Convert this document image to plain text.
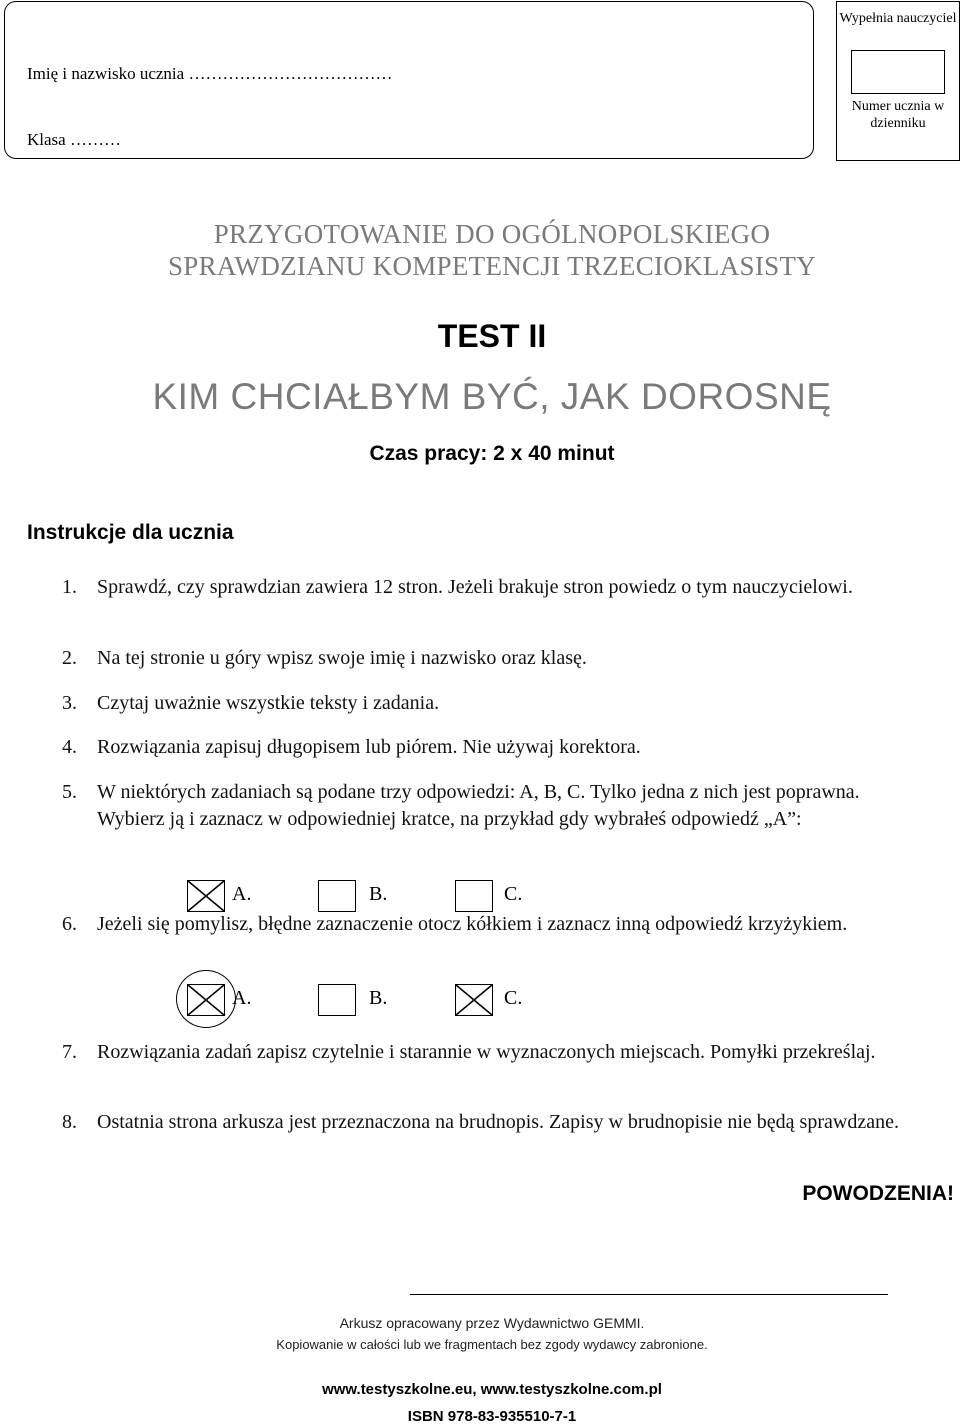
Imię i nazwisko ucznia ………………………………
Klasa ………
Wypełnia nauczyciel
Numer ucznia w dzienniku
PRZYGOTOWANIE DO OGÓLNOPOLSKIEGO SPRAWDZIANU KOMPETENCJI TRZECIOKLASISTY
TEST II
KIM CHCIAŁBYM BYĆ, JAK DOROSNĘ
Czas pracy: 2 x 40 minut
Instrukcje dla ucznia
1. Sprawdź, czy sprawdzian zawiera 12 stron. Jeżeli brakuje stron powiedz o tym nauczycielowi.
2. Na tej stronie u góry wpisz swoje imię i nazwisko oraz klasę.
3. Czytaj uważnie wszystkie teksty i zadania.
4. Rozwiązania zapisuj długopisem lub piórem. Nie używaj korektora.
5. W niektórych zadaniach są podane trzy odpowiedzi: A, B, C. Tylko jedna z nich jest poprawna. Wybierz ją i zaznacz w odpowiedniej kratce, na przykład gdy wybrałeś odpowiedź „A”:
A.	B.	C.
6. Jeżeli się pomylisz, błędne zaznaczenie otocz kółkiem i zaznacz inną odpowiedź krzyżykiem.
A.	B.	C.
7. Rozwiązania zadań zapisz czytelnie i starannie w wyznaczonych miejscach. Pomyłki przekreślaj.
8. Ostatnia strona arkusza jest przeznaczona na brudnopis. Zapisy w brudnopisie nie będą sprawdzane.
POWODZENIA!
Arkusz opracowany przez Wydawnictwo GEMMI.
Kopiowanie w całości lub we fragmentach bez zgody wydawcy zabronione.
www.testyszkolne.eu, www.testyszkolne.com.pl
ISBN 978-83-935510-7-1
